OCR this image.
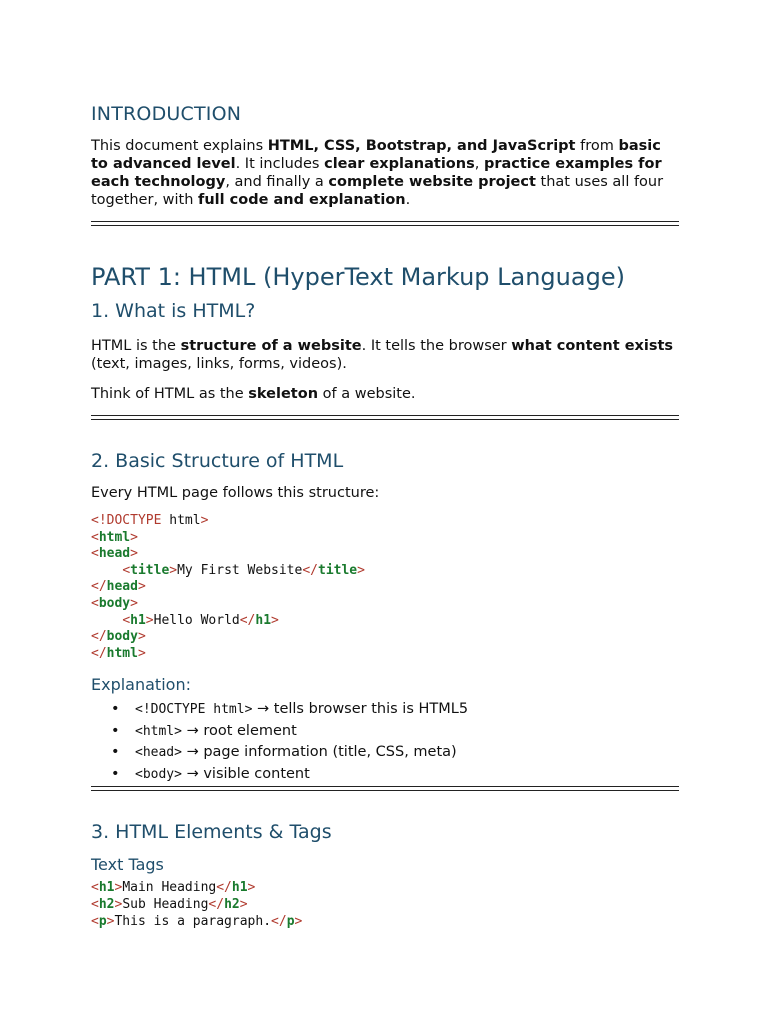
INTRODUCTION

This document explains HTML, CSS, Bootstrap, and JavaScript from basic to advanced level. It includes clear explanations, practice examples for each technology, and finally a complete website project that uses all four together, with full code and explanation.

PART 1: HTML (HyperText Markup Language)
1. What is HTML?

HTML is the structure of a website. It tells the browser what content exists (text, images, links, forms, videos).

Think of HTML as the skeleton of a website.

2. Basic Structure of HTML

Every HTML page follows this structure:

<!DOCTYPE html>
<html>
<head>
<title>My First Website</title>
</head>
<body>
<h1>Hello World</h1>
</body>
</html>
Explanation:
• <!DOCTYPE html> → tells browser this is HTML5
• <html> → root element
• <head> → page information (title, CSS, meta)
• <body> → visible content
3. HTML Elements & Tags
Text Tags
<h1>Main Heading</h1>
<h2>Sub Heading</h2>
<p>This is a paragraph.</p>
